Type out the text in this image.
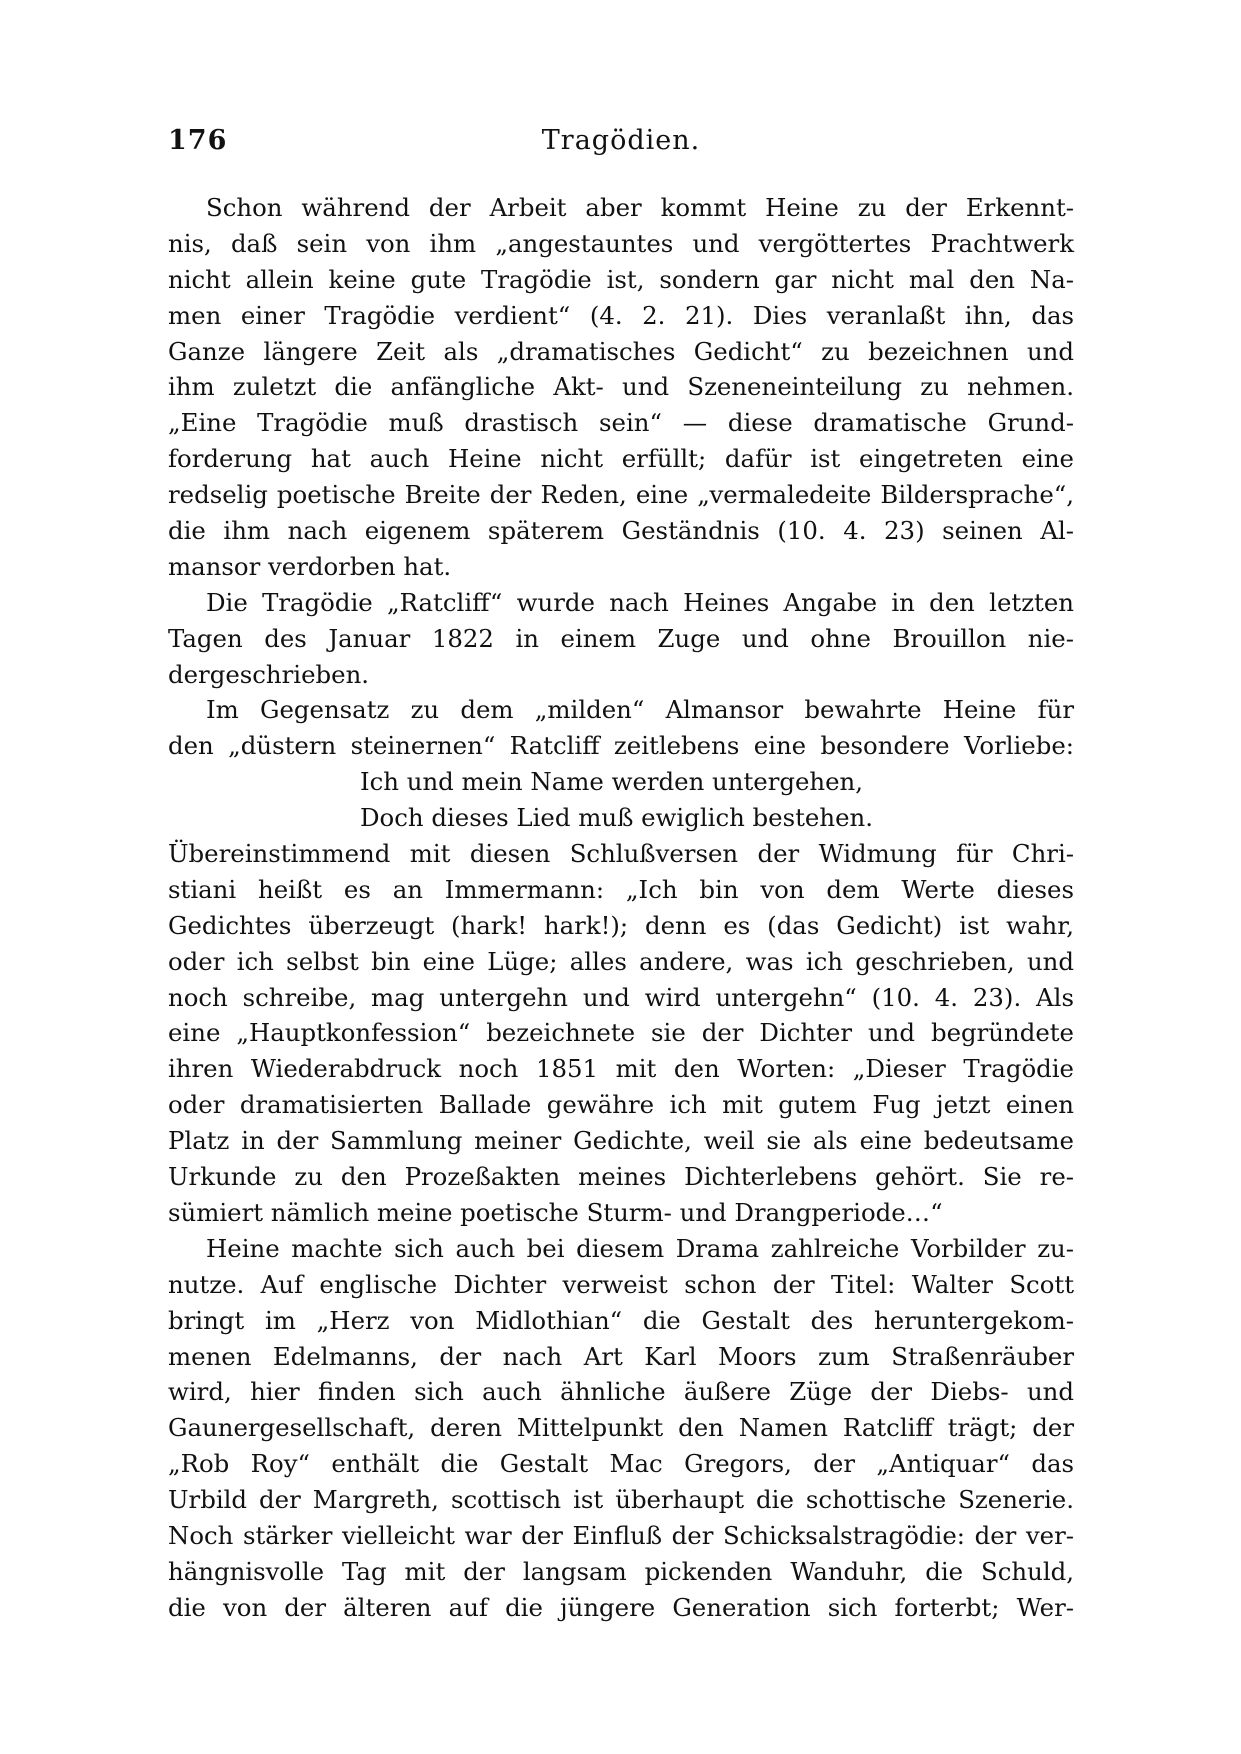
176	Tragödien.
Schon während der Arbeit aber kommt Heine zu der Erkennt-
nis, daß sein von ihm „angestauntes und vergöttertes Prachtwerk
nicht allein keine gute Tragödie ist, sondern gar nicht mal den Na-
men einer Tragödie verdient“ (4. 2. 21). Dies veranlaßt ihn, das
Ganze längere Zeit als „dramatisches Gedicht“ zu bezeichnen und
ihm zuletzt die anfängliche Akt- und Szeneneinteilung zu nehmen.
„Eine Tragödie muß drastisch sein“ — diese dramatische Grund-
forderung hat auch Heine nicht erfüllt; dafür ist eingetreten eine
redselig poetische Breite der Reden, eine „vermaledeite Bildersprache“,
die ihm nach eigenem späterem Geständnis (10. 4. 23) seinen Al-
mansor verdorben hat.
Die Tragödie „Ratcliff“ wurde nach Heines Angabe in den letzten
Tagen des Januar 1822 in einem Zuge und ohne Brouillon nie-
dergeschrieben.
Im Gegensatz zu dem „milden“ Almansor bewahrte Heine für
den „düstern steinernen“ Ratcliff zeitlebens eine besondere Vorliebe:
Ich und mein Name werden untergehen,
Doch dieses Lied muß ewiglich bestehen.
Übereinstimmend mit diesen Schlußversen der Widmung für Chri-
stiani heißt es an Immermann: „Ich bin von dem Werte dieses
Gedichtes überzeugt (hark! hark!); denn es (das Gedicht) ist wahr,
oder ich selbst bin eine Lüge; alles andere, was ich geschrieben, und
noch schreibe, mag untergehn und wird untergehn“ (10. 4. 23). Als
eine „Hauptkonfession“ bezeichnete sie der Dichter und begründete
ihren Wiederabdruck noch 1851 mit den Worten: „Dieser Tragödie
oder dramatisierten Ballade gewähre ich mit gutem Fug jetzt einen
Platz in der Sammlung meiner Gedichte, weil sie als eine bedeutsame
Urkunde zu den Prozeßakten meines Dichterlebens gehört. Sie re-
sümiert nämlich meine poetische Sturm- und Drangperiode…“
Heine machte sich auch bei diesem Drama zahlreiche Vorbilder zu-
nutze. Auf englische Dichter verweist schon der Titel: Walter Scott
bringt im „Herz von Midlothian“ die Gestalt des heruntergekom-
menen Edelmanns, der nach Art Karl Moors zum Straßenräuber
wird, hier finden sich auch ähnliche äußere Züge der Diebs- und
Gaunergesellschaft, deren Mittelpunkt den Namen Ratcliff trägt; der
„Rob Roy“ enthält die Gestalt Mac Gregors, der „Antiquar“ das
Urbild der Margreth, scottisch ist überhaupt die schottische Szenerie.
Noch stärker vielleicht war der Einfluß der Schicksalstragödie: der ver-
hängnisvolle Tag mit der langsam pickenden Wanduhr, die Schuld,
die von der älteren auf die jüngere Generation sich forterbt; Wer-
